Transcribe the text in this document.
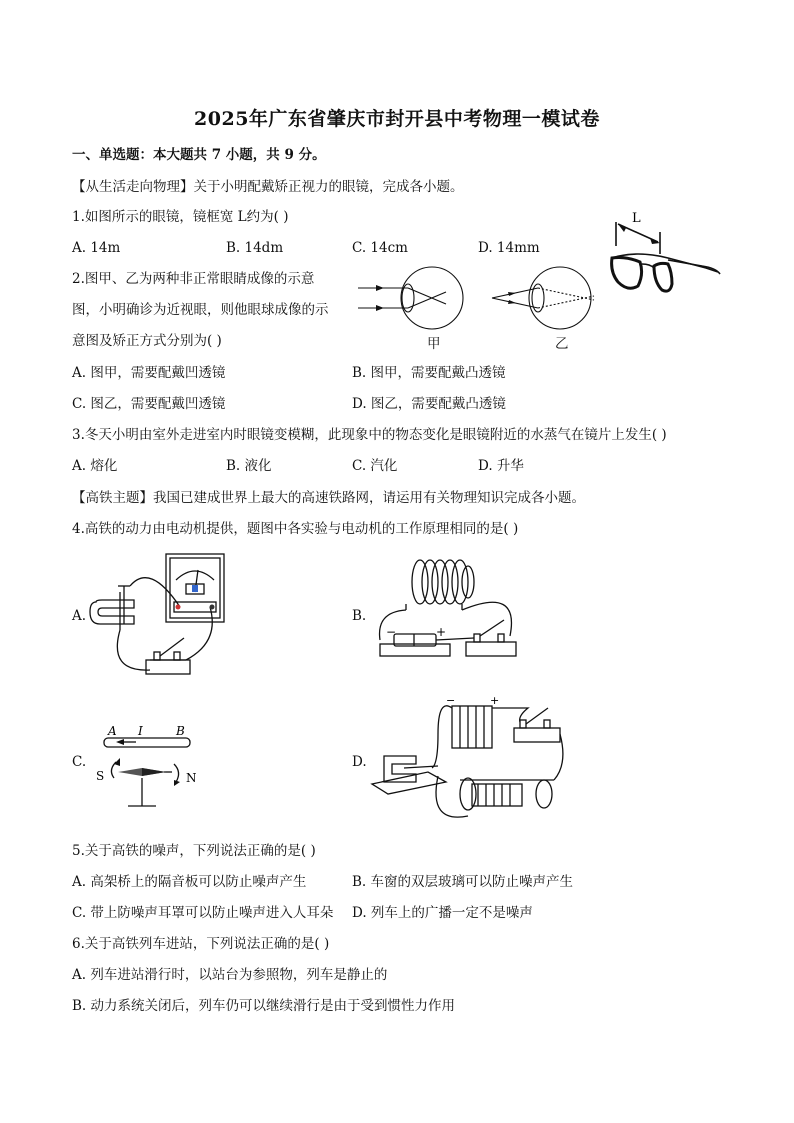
2025年广东省肇庆市封开县中考物理一模试卷
一、单选题：本大题共 7 小题，共 9 分。
【从生活走向物理】关于小明配戴矫正视力的眼镜，完成各小题。
1.如图所示的眼镜，镜框宽 L约为( )
A. 14m	B. 14dm	C. 14cm	D. 14mm
L
2.图甲、乙为两种非正常眼睛成像的示意
图，小明确诊为近视眼，则他眼球成像的示
意图及矫正方式分别为( )	甲	乙
A. 图甲，需要配戴凹透镜	B. 图甲，需要配戴凸透镜
C. 图乙，需要配戴凹透镜	D. 图乙，需要配戴凸透镜
3.冬天小明由室外走进室内时眼镜变模糊，此现象中的物态变化是眼镜附近的水蒸气在镜片上发生( )
A. 熔化	B. 液化	C. 汽化	D. 升华
【高铁主题】我国已建成世界上最大的高速铁路网，请运用有关物理知识完成各小题。
4.高铁的动力由电动机提供，题图中各实验与电动机的工作原理相同的是( )
A.	B.
−	+
C.
A I	B
S	N
D.
−	+
5.关于高铁的噪声，下列说法正确的是( )
A. 高架桥上的隔音板可以防止噪声产生	B. 车窗的双层玻璃可以防止噪声产生
C. 带上防噪声耳罩可以防止噪声进入人耳朵 D. 列车上的广播一定不是噪声
6.关于高铁列车进站，下列说法正确的是( )
A. 列车进站滑行时，以站台为参照物，列车是静止的
B. 动力系统关闭后，列车仍可以继续滑行是由于受到惯性力作用
